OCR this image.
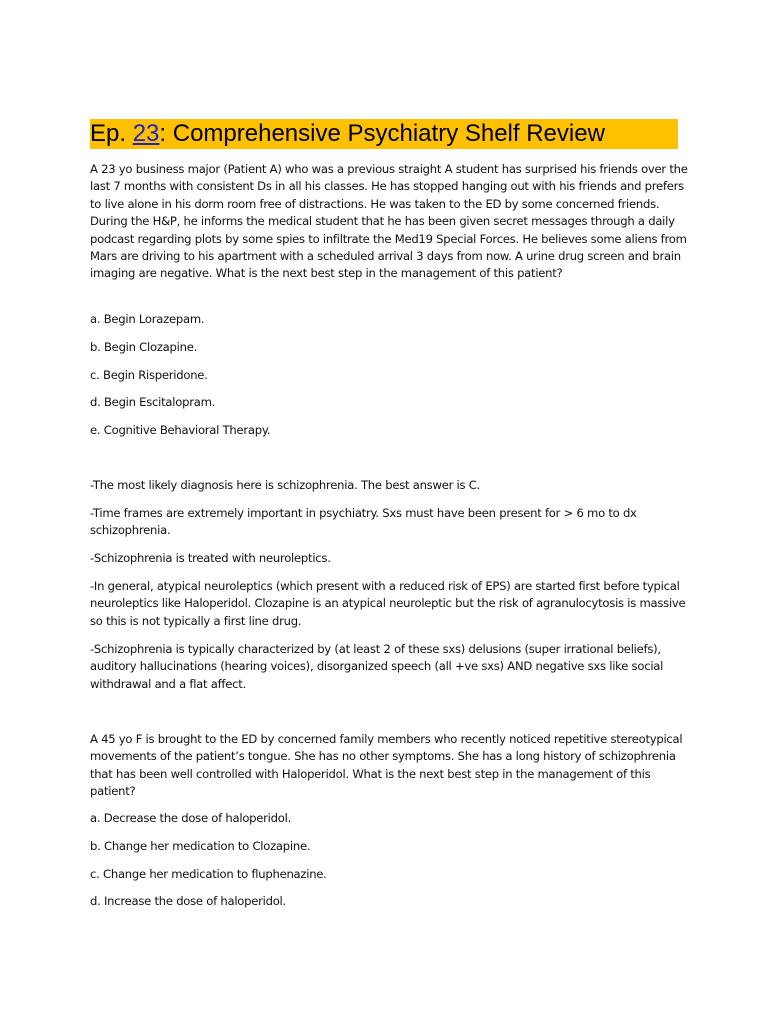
Ep. 23: Comprehensive Psychiatry Shelf Review

A 23 yo business major (Patient A) who was a previous straight A student has surprised his friends over the last 7 months with consistent Ds in all his classes. He has stopped hanging out with his friends and prefers to live alone in his dorm room free of distractions. He was taken to the ED by some concerned friends. During the H&P, he informs the medical student that he has been given secret messages through a daily podcast regarding plots by some spies to infiltrate the Med19 Special Forces. He believes some aliens from Mars are driving to his apartment with a scheduled arrival 3 days from now. A urine drug screen and brain imaging are negative. What is the next best step in the management of this patient?

a. Begin Lorazepam.

b. Begin Clozapine.

c. Begin Risperidone.

d. Begin Escitalopram.

e. Cognitive Behavioral Therapy.

-The most likely diagnosis here is schizophrenia. The best answer is C.

-Time frames are extremely important in psychiatry. Sxs must have been present for > 6 mo to dx schizophrenia.

-Schizophrenia is treated with neuroleptics.

-In general, atypical neuroleptics (which present with a reduced risk of EPS) are started first before typical neuroleptics like Haloperidol. Clozapine is an atypical neuroleptic but the risk of agranulocytosis is massive so this is not typically a first line drug.

-Schizophrenia is typically characterized by (at least 2 of these sxs) delusions (super irrational beliefs), auditory hallucinations (hearing voices), disorganized speech (all +ve sxs) AND negative sxs like social withdrawal and a flat affect.

A 45 yo F is brought to the ED by concerned family members who recently noticed repetitive stereotypical movements of the patient’s tongue. She has no other symptoms. She has a long history of schizophrenia that has been well controlled with Haloperidol. What is the next best step in the management of this patient?

a. Decrease the dose of haloperidol.

b. Change her medication to Clozapine.

c. Change her medication to fluphenazine.

d. Increase the dose of haloperidol.
